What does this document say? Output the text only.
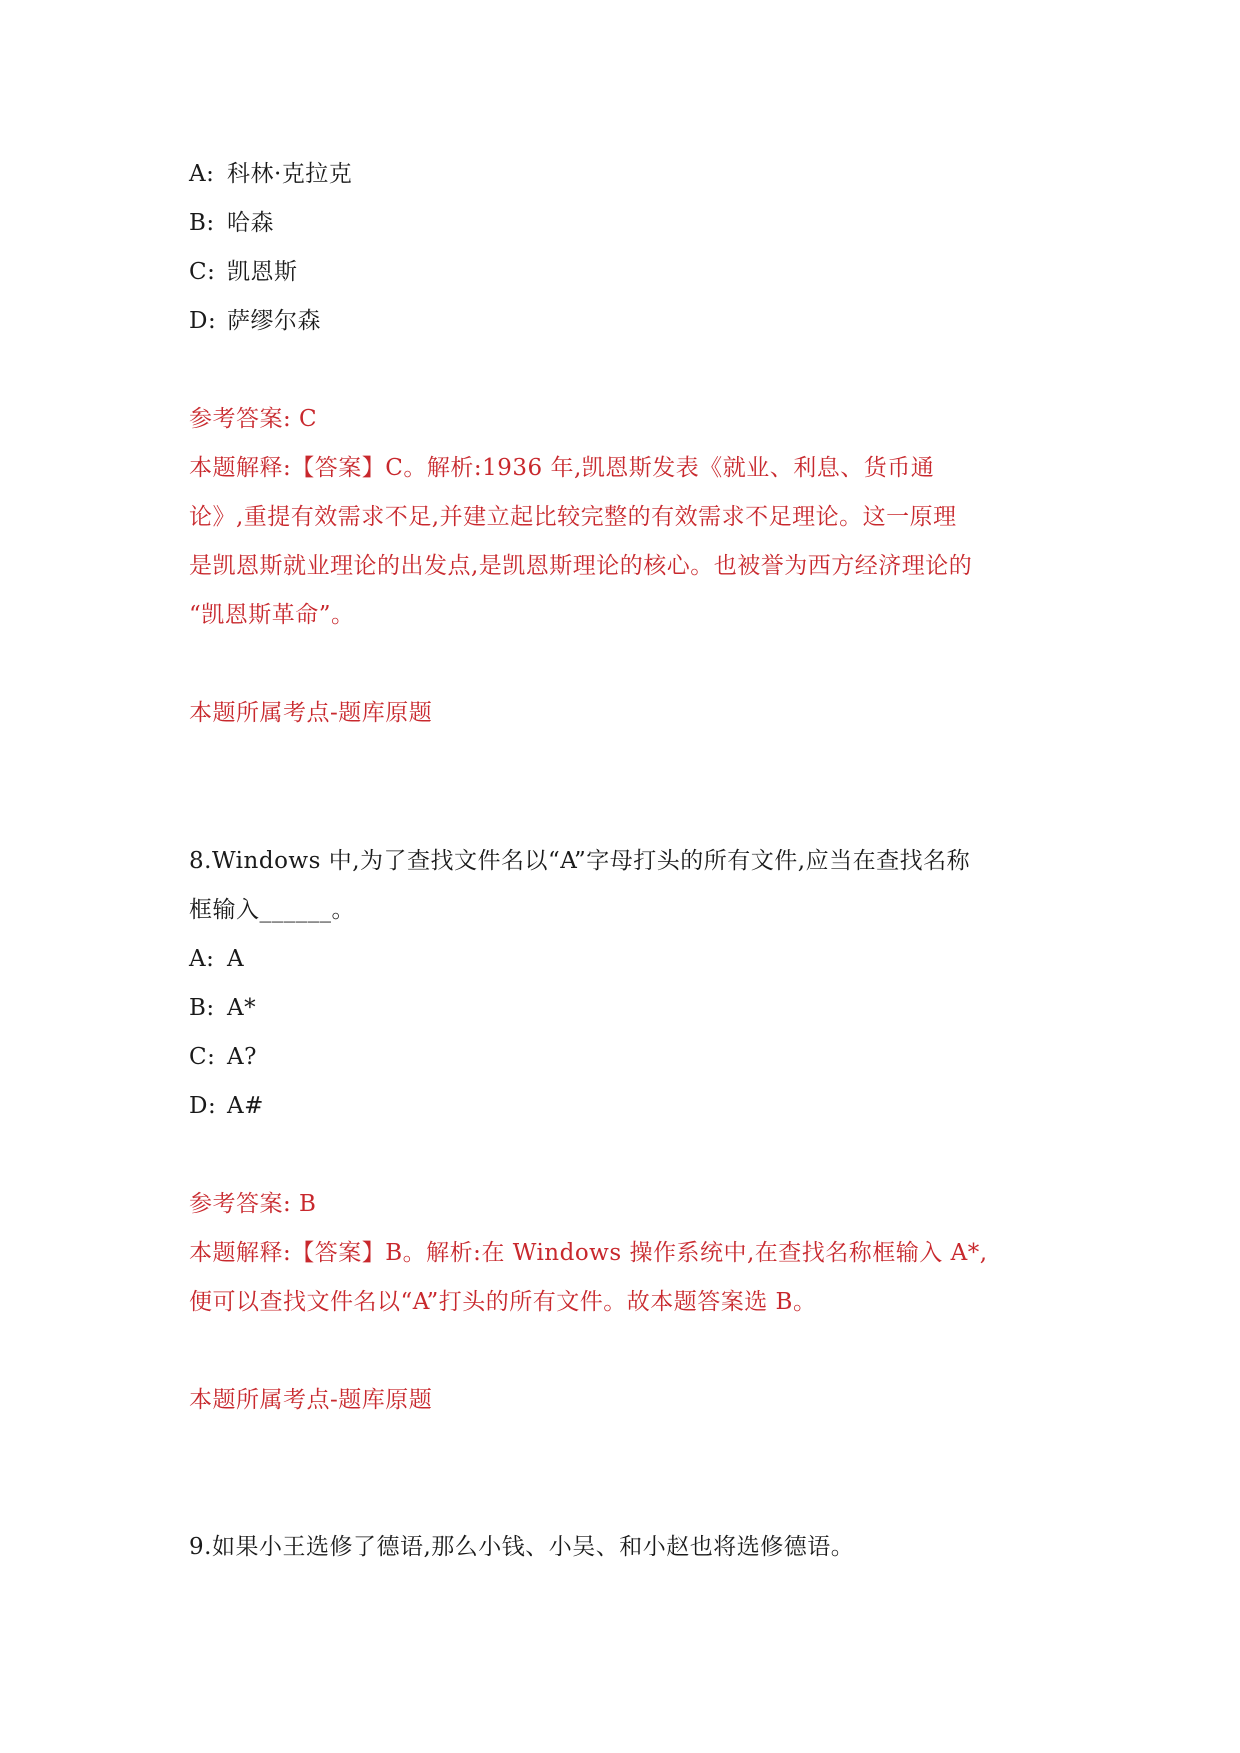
A: 科林·克拉克
B: 哈森
C: 凯恩斯
D: 萨缪尔森
参考答案: C
本题解释:【答案】C。解析:1936 年,凯恩斯发表《就业、利息、货币通
论》,重提有效需求不足,并建立起比较完整的有效需求不足理论。这一原理
是凯恩斯就业理论的出发点,是凯恩斯理论的核心。也被誉为西方经济理论的
“凯恩斯革命”。
本题所属考点-题库原题
8.Windows 中,为了查找文件名以“A”字母打头的所有文件,应当在查找名称
框输入______。
A: A
B: A*
C: A?
D: A#
参考答案: B
本题解释:【答案】B。解析:在 Windows 操作系统中,在查找名称框输入 A*,
便可以查找文件名以“A”打头的所有文件。故本题答案选 B。
本题所属考点-题库原题
9.如果小王选修了德语,那么小钱、小吴、和小赵也将选修德语。
